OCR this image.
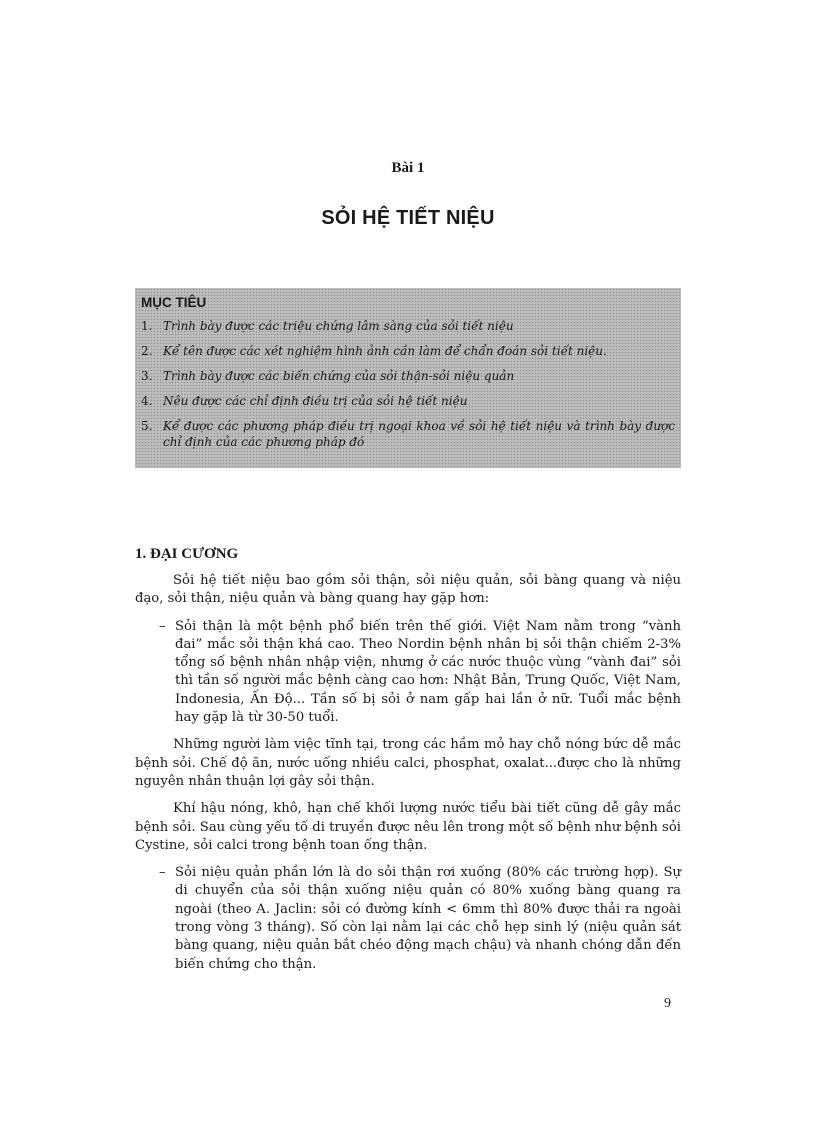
Bài 1
SỎI HỆ TIẾT NIỆU
MỤC TIÊU
1. Trình bày được các triệu chứng lâm sàng của sỏi tiết niệu
2. Kể tên được các xét nghiệm hình ảnh cần làm để chẩn đoán sỏi tiết niệu.
3. Trình bày được các biến chứng của sỏi thận-sỏi niệu quản
4. Nêu được các chỉ định điều trị của sỏi hệ tiết niệu
5. Kể được các phương pháp điều trị ngoại khoa về sỏi hệ tiết niệu và trình bày được chỉ định của các phương pháp đó
1. ĐẠI CƯƠNG

Sỏi hệ tiết niệu bao gồm sỏi thận, sỏi niệu quản, sỏi bàng quang và niệu đạo, sỏi thận, niệu quản và bàng quang hay gặp hơn:

– Sỏi thận là một bệnh phổ biến trên thế giới. Việt Nam nằm trong “vành đai” mắc sỏi thận khá cao. Theo Nordin bệnh nhân bị sỏi thận chiếm 2-3% tổng số bệnh nhân nhập viện, nhưng ở các nước thuộc vùng “vành đai” sỏi thì tần số người mắc bệnh càng cao hơn: Nhật Bản, Trung Quốc, Việt Nam, Indonesia, Ấn Độ... Tần số bị sỏi ở nam gấp hai lần ở nữ. Tuổi mắc bệnh hay gặp là từ 30-50 tuổi.

Những người làm việc tĩnh tại, trong các hầm mỏ hay chỗ nóng bức dễ mắc bệnh sỏi. Chế độ ăn, nước uống nhiều calci, phosphat, oxalat...được cho là những nguyên nhân thuận lợi gây sỏi thận.

Khí hậu nóng, khô, hạn chế khối lượng nước tiểu bài tiết cũng dễ gây mắc bệnh sỏi. Sau cùng yếu tố di truyền được nêu lên trong một số bệnh như bệnh sỏi Cystine, sỏi calci trong bệnh toan ống thận.

– Sỏi niệu quản phần lớn là do sỏi thận rơi xuống (80% các trường hợp). Sự di chuyển của sỏi thận xuống niệu quản có 80% xuống bàng quang ra ngoài (theo A. Jaclin: sỏi có đường kính < 6mm thì 80% được thải ra ngoài trong vòng 3 tháng). Số còn lại nằm lại các chỗ hẹp sinh lý (niệu quản sát bàng quang, niệu quản bắt chéo động mạch chậu) và nhanh chóng dẫn đến biến chứng cho thận.
9
